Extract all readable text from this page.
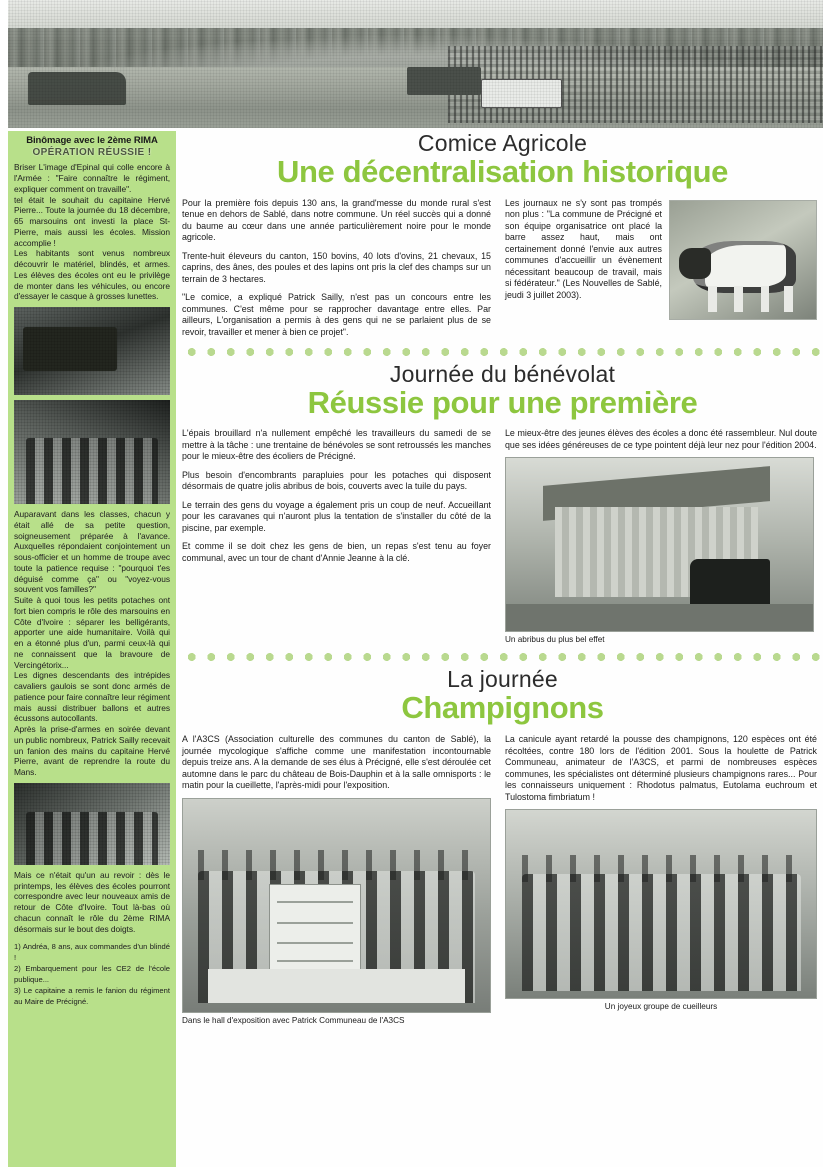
Binômage avec le 2ème RIMA
OPÉRATION RÉUSSIE !

Briser L'image d'Epinal qui colle encore à l'Armée : "Faire connaître le régiment, expliquer comment on travaille".

tel était le souhait du capitaine Hervé Pierre... Toute la journée du 18 décembre, 65 marsouins ont investi la place St-Pierre, mais aussi les écoles. Mission accomplie !

Les habitants sont venus nombreux découvrir le matériel, blindés, et armes. Les élèves des écoles ont eu le privilège de monter dans les véhicules, ou encore d'essayer le casque à grosses lunettes.

Auparavant dans les classes, chacun y était allé de sa petite question, soigneusement préparée à l'avance. Auxquelles répondaient conjointement un sous-officier et un homme de troupe avec toute la patience requise : "pourquoi t'es déguisé comme ça" ou "voyez-vous souvent vos familles?"

Suite à quoi tous les petits potaches ont fort bien compris le rôle des marsouins en Côte d'Ivoire : séparer les belligérants, apporter une aide humanitaire. Voilà qui en a étonné plus d'un, parmi ceux-là qui ne connaissent que la bravoure de Vercingétorix...

Les dignes descendants des intrépides cavaliers gaulois se sont donc armés de patience pour faire connaître leur régiment mais aussi distribuer ballons et autres écussons autocollants.

Après la prise-d'armes en soirée devant un public nombreux, Patrick Sailly recevait un fanion des mains du capitaine Hervé Pierre, avant de reprendre la route du Mans.

Mais ce n'était qu'un au revoir : dès le printemps, les élèves des écoles pourront correspondre avec leur nouveaux amis de retour de Côte d'Ivoire. Tout là-bas où chacun connaît le rôle du 2ème RIMA désormais sur le bout des doigts.

1) Andréa, 8 ans, aux commandes d'un blindé !

2) Embarquement pour les CE2 de l'école publique...

3) Le capitaine a remis le fanion du régiment au Maire de Précigné.

Comice Agricole
Une décentralisation historique

Pour la première fois depuis 130 ans, la grand'messe du monde rural s'est tenue en dehors de Sablé, dans notre commune. Un réel succès qui a donné du baume au cœur dans une année particulièrement noire pour le monde agricole.

Trente-huit éleveurs du canton, 150 bovins, 40 lots d'ovins, 21 chevaux, 15 caprins, des ânes, des poules et des lapins ont pris la clef des champs sur un terrain de 3 hectares.

"Le comice, a expliqué Patrick Sailly, n'est pas un concours entre les communes. C'est même pour se rapprocher davantage entre elles. Par ailleurs, L'organisation a permis à des gens qui ne se parlaient plus de se revoir, travailler et mener à bien ce projet".

Les journaux ne s'y sont pas trompés non plus : "La commune de Précigné et son équipe organisatrice ont placé la barre assez haut, mais ont certainement donné l'envie aux autres communes d'accueillir un évènement nécessitant beaucoup de travail, mais si fédérateur." (Les Nouvelles de Sablé, jeudi 3 juillet 2003).

Journée du bénévolat
Réussie pour une première

L'épais brouillard n'a nullement empêché les travailleurs du samedi de se mettre à la tâche : une trentaine de bénévoles se sont retroussés les manches pour le mieux-être des écoliers de Précigné.

Plus besoin d'encombrants parapluies pour les potaches qui disposent désormais de quatre jolis abribus de bois, couverts avec la tuile du pays.

Le terrain des gens du voyage a également pris un coup de neuf. Accueillant pour les caravanes qui n'auront plus la tentation de s'installer du côté de la piscine, par exemple.

Et comme il se doit chez les gens de bien, un repas s'est tenu au foyer communal, avec un tour de chant d'Annie Jeanne à la clé.

Le mieux-être des jeunes élèves des écoles a donc été rassembleur. Nul doute que ses idées généreuses de ce type pointent déjà leur nez pour l'édition 2004.

Un abribus du plus bel effet
La journée
Champignons

A l'A3CS (Association culturelle des communes du canton de Sablé), la journée mycologique s'affiche comme une manifestation incontournable depuis treize ans. A la demande de ses élus à Précigné, elle s'est déroulée cet automne dans le parc du château de Bois-Dauphin et à la salle omnisports : le matin pour la cueillette, l'après-midi pour l'exposition.

Dans le hall d'exposition avec Patrick Communeau de l'A3CS

La canicule ayant retardé la pousse des champignons, 120 espèces ont été récoltées, contre 180 lors de l'édition 2001. Sous la houlette de Patrick Communeau, animateur de l'A3CS, et parmi de nombreuses espèces communes, les spécialistes ont déterminé plusieurs champignons rares... Pour les connaisseurs uniquement : Rhodotus palmatus, Eutolama euchroum et Tulostoma fimbriatum !

Un joyeux groupe de cueilleurs
